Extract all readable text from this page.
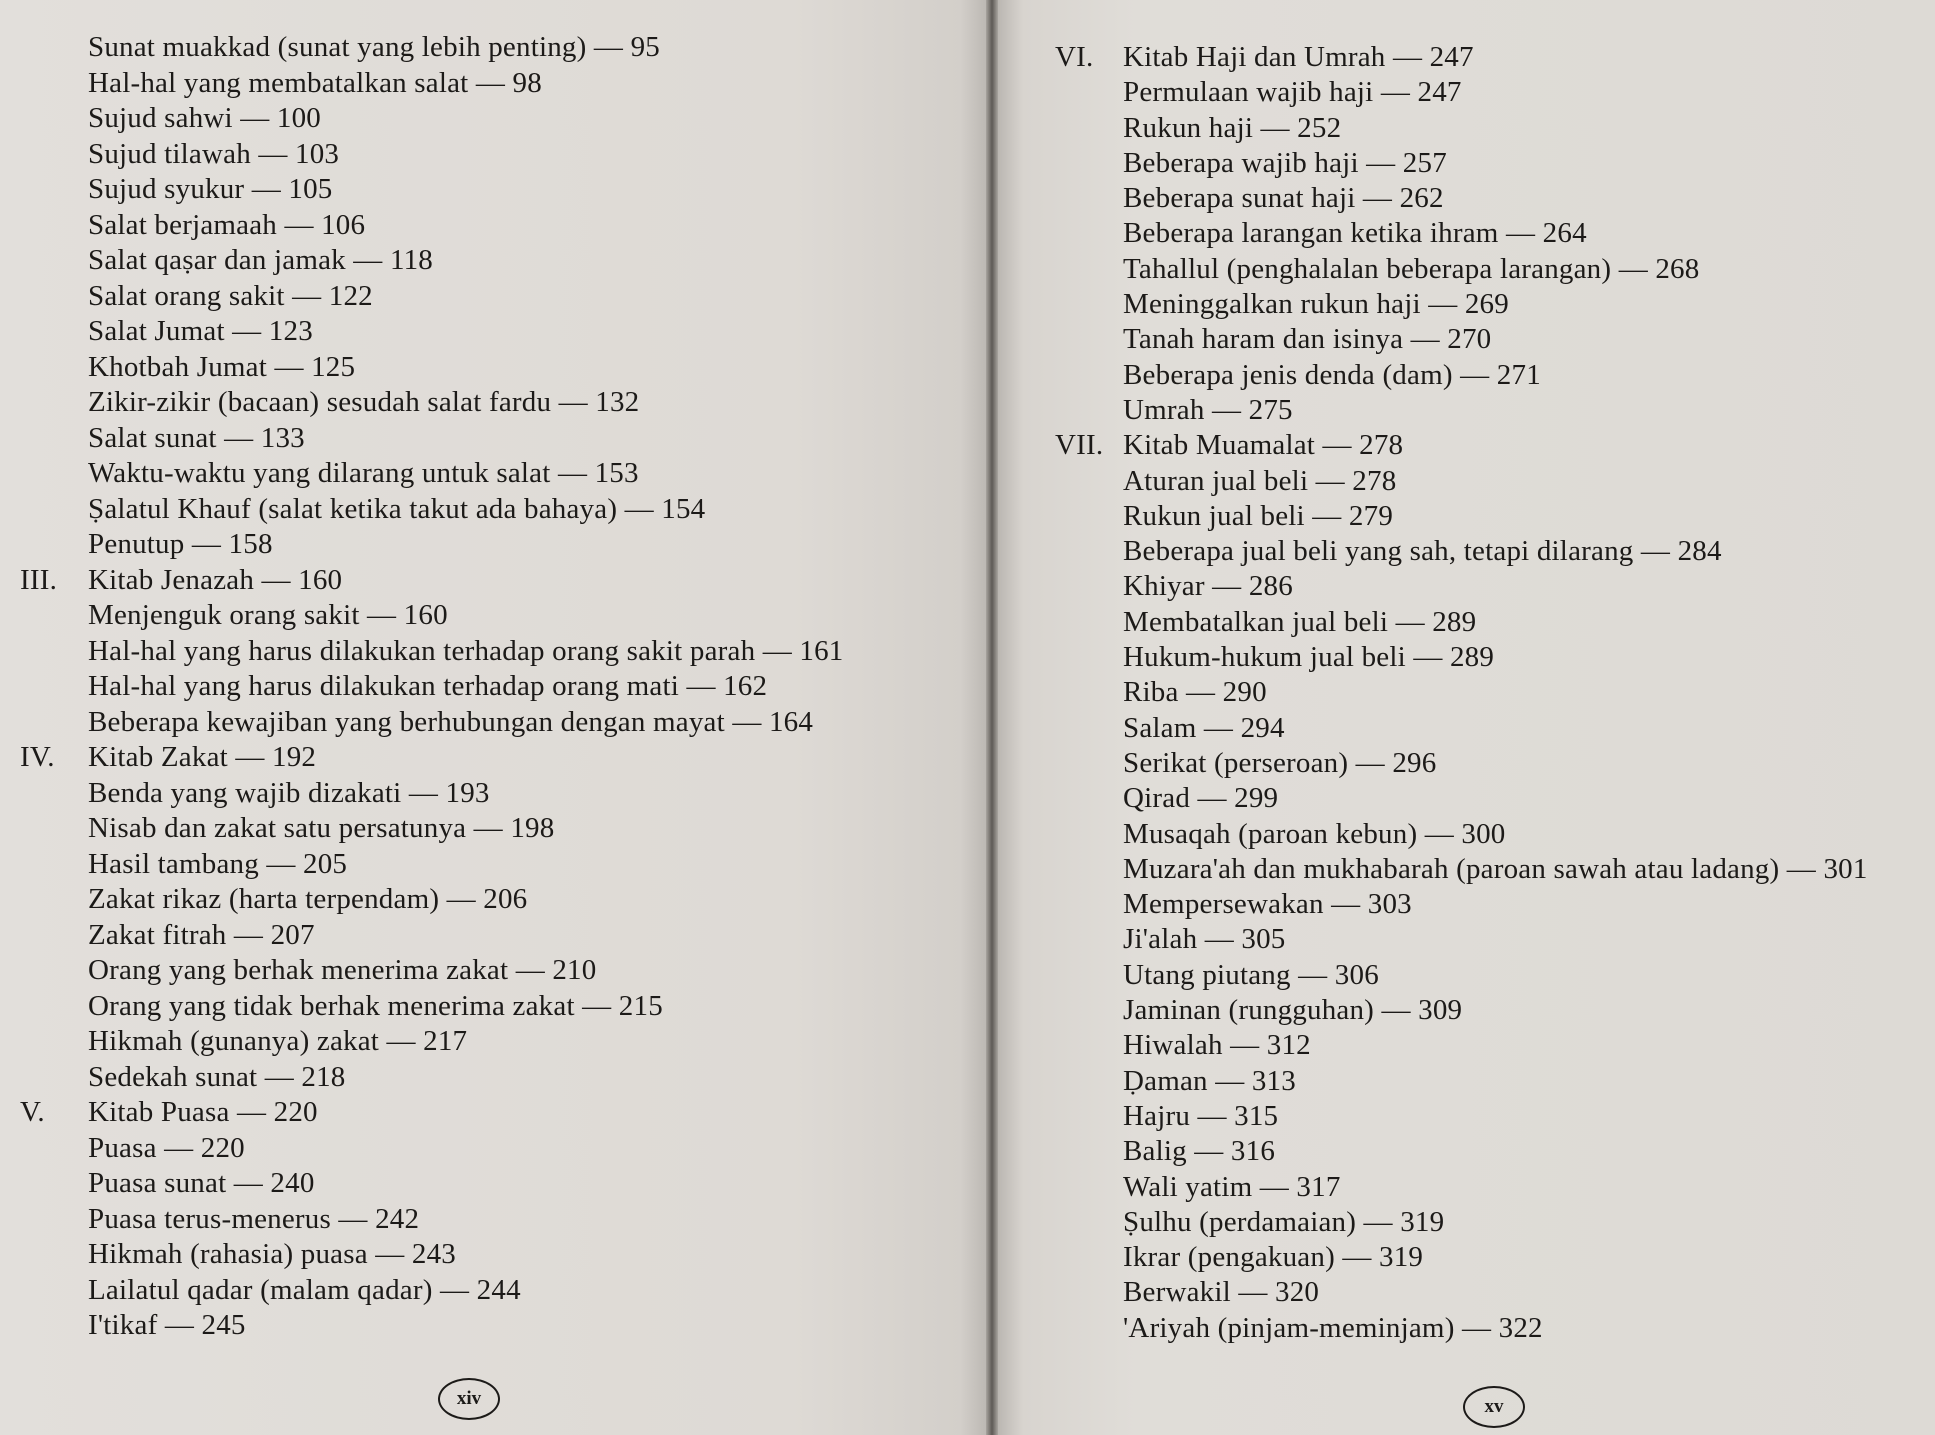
Sunat muakkad (sunat yang lebih penting) — 95
Hal-hal yang membatalkan salat — 98
Sujud sahwi — 100
Sujud tilawah — 103
Sujud syukur — 105
Salat berjamaah — 106
Salat qaṣar dan jamak — 118
Salat orang sakit — 122
Salat Jumat — 123
Khotbah Jumat — 125
Zikir-zikir (bacaan) sesudah salat fardu — 132
Salat sunat — 133
Waktu-waktu yang dilarang untuk salat — 153
Ṣalatul Khauf (salat ketika takut ada bahaya) — 154
Penutup — 158
III. Kitab Jenazah — 160
Menjenguk orang sakit — 160
Hal-hal yang harus dilakukan terhadap orang sakit parah — 161
Hal-hal yang harus dilakukan terhadap orang mati — 162
Beberapa kewajiban yang berhubungan dengan mayat — 164
IV. Kitab Zakat — 192
Benda yang wajib dizakati — 193
Nisab dan zakat satu persatunya — 198
Hasil tambang — 205
Zakat rikaz (harta terpendam) — 206
Zakat fitrah — 207
Orang yang berhak menerima zakat — 210
Orang yang tidak berhak menerima zakat — 215
Hikmah (gunanya) zakat — 217
Sedekah sunat — 218
V. Kitab Puasa — 220
Puasa — 220
Puasa sunat — 240
Puasa terus-menerus — 242
Hikmah (rahasia) puasa — 243
Lailatul qadar (malam qadar) — 244
I'tikaf — 245
xiv
VI. Kitab Haji dan Umrah — 247
Permulaan wajib haji — 247
Rukun haji — 252
Beberapa wajib haji — 257
Beberapa sunat haji — 262
Beberapa larangan ketika ihram — 264
Tahallul (penghalalan beberapa larangan) — 268
Meninggalkan rukun haji — 269
Tanah haram dan isinya — 270
Beberapa jenis denda (dam) — 271
Umrah — 275
VII. Kitab Muamalat — 278
Aturan jual beli — 278
Rukun jual beli — 279
Beberapa jual beli yang sah, tetapi dilarang — 284
Khiyar — 286
Membatalkan jual beli — 289
Hukum-hukum jual beli — 289
Riba — 290
Salam — 294
Serikat (perseroan) — 296
Qirad — 299
Musaqah (paroan kebun) — 300
Muzara'ah dan mukhabarah (paroan sawah atau ladang) — 301
Mempersewakan — 303
Ji'alah — 305
Utang piutang — 306
Jaminan (rungguhan) — 309
Hiwalah — 312
Ḍaman — 313
Hajru — 315
Balig — 316
Wali yatim — 317
Ṣulhu (perdamaian) — 319
Ikrar (pengakuan) — 319
Berwakil — 320
'Ariyah (pinjam-meminjam) — 322
xv
